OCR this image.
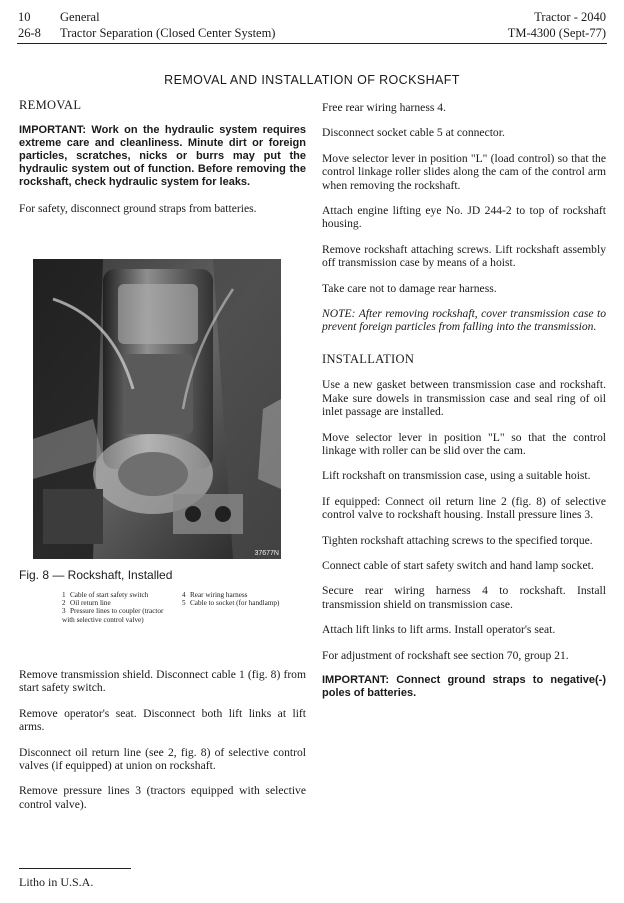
10
26-8
General
Tractor Separation (Closed Center System)
Tractor - 2040
TM-4300 (Sept-77)
REMOVAL AND INSTALLATION OF ROCKSHAFT

REMOVAL

IMPORTANT: Work on the hydraulic system requires extreme care and cleanliness. Minute dirt or foreign particles, scratches, nicks or burrs may put the hydraulic system out of function. Before removing the rockshaft, check hydraulic system for leaks.

For safety, disconnect ground straps from batteries.

37677N
Fig. 8 — Rockshaft, Installed
1 Cable of start safety switch
2 Oil return line
3 Pressure lines to coupler (tractor with selective control valve)
4 Rear wiring harness
5 Cable to socket (for handlamp)

Remove transmission shield. Disconnect cable 1 (fig. 8) from start safety switch.

Remove operator's seat. Disconnect both lift links at lift arms.

Disconnect oil return line (see 2, fig. 8) of selective control valves (if equipped) at union on rockshaft.

Remove pressure lines 3 (tractors equipped with selective control valve).

Litho in U.S.A.

Free rear wiring harness 4.

Disconnect socket cable 5 at connector.

Move selector lever in position "L" (load control) so that the control linkage roller slides along the cam of the control arm when removing the rockshaft.

Attach engine lifting eye No. JD 244-2 to top of rockshaft housing.

Remove rockshaft attaching screws. Lift rockshaft assembly off transmission case by means of a hoist.

Take care not to damage rear harness.

NOTE: After removing rockshaft, cover transmission case to prevent foreign particles from falling into the transmission.

INSTALLATION

Use a new gasket between transmission case and rockshaft. Make sure dowels in transmission case and seal ring of oil inlet passage are installed.

Move selector lever in position "L" so that the control linkage with roller can be slid over the cam.

Lift rockshaft on transmission case, using a suitable hoist.

If equipped: Connect oil return line 2 (fig. 8) of selective control valve to rockshaft housing. Install pressure lines 3.

Tighten rockshaft attaching screws to the specified torque.

Connect cable of start safety switch and hand lamp socket.

Secure rear wiring harness 4 to rockshaft. Install transmission shield on transmission case.

Attach lift links to lift arms. Install operator's seat.

For adjustment of rockshaft see section 70, group 21.

IMPORTANT: Connect ground straps to negative(-) poles of batteries.
